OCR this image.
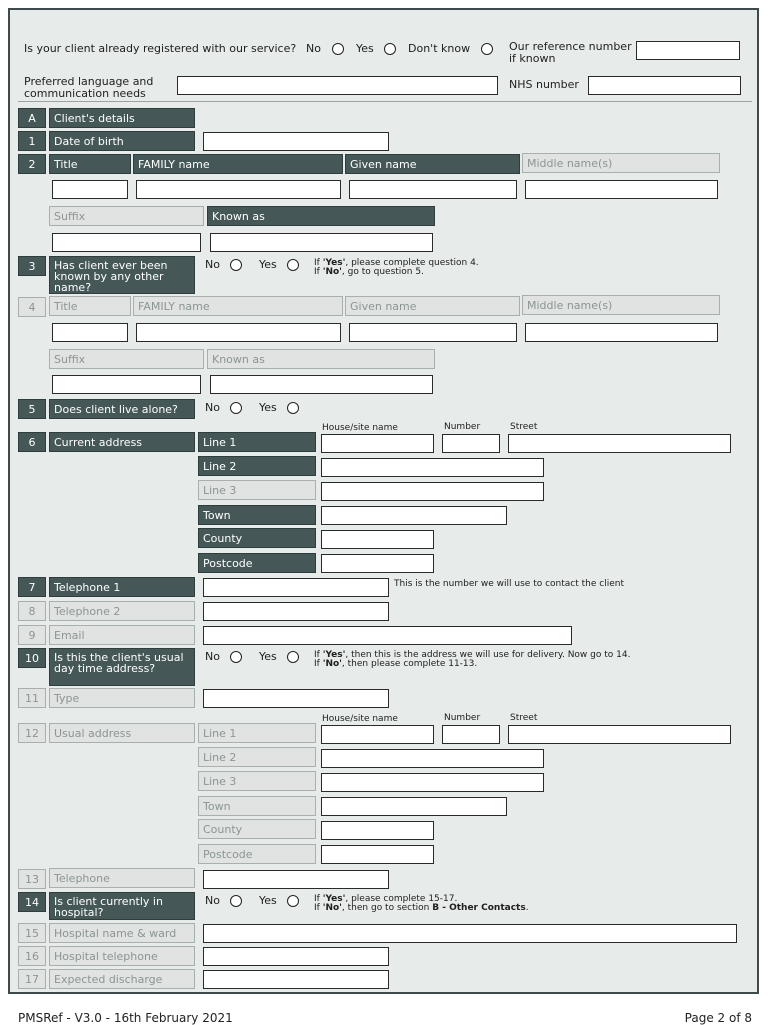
Is your client already registered with our service? No	Yes	Don't know	Our reference number
if known
Preferred language and
communication needs
NHS number
A	Client's details
1	Date of birth
2	Title	FAMILY name	Given name	Middle name(s)
Suffix	Known as
3	Has client ever been known by any other name?
No	Yes	If 'Yes', please complete question 4.
If 'No', go to question 5.
4	Title	FAMILY name	Given name	Middle name(s)
Suffix	Known as
5	Does client live alone?	No	Yes
6	Current address
House/site name	Number	Street
Line 1
Line 2
Line 3
Town
County
Postcode
7	Telephone 1	This is the number we will use to contact the client
8	Telephone 2
9	Email
10	Is this the client's usual day time address?
No	Yes	If 'Yes', then this is the address we will use for delivery. Now go to 14.
If 'No', then please complete 11-13.
11	Type
12	Usual address
House/site name	Number	Street
Line 1
Line 2
Line 3
Town
County
Postcode
13	Telephone
14	Is client currently in hospital?
No	Yes	If 'Yes', please complete 15-17.
If 'No', then go to section B - Other Contacts.
15	Hospital name & ward
16	Hospital telephone
17	Expected discharge
PMSRef - V3.0 - 16th February 2021	Page 2 of 8
